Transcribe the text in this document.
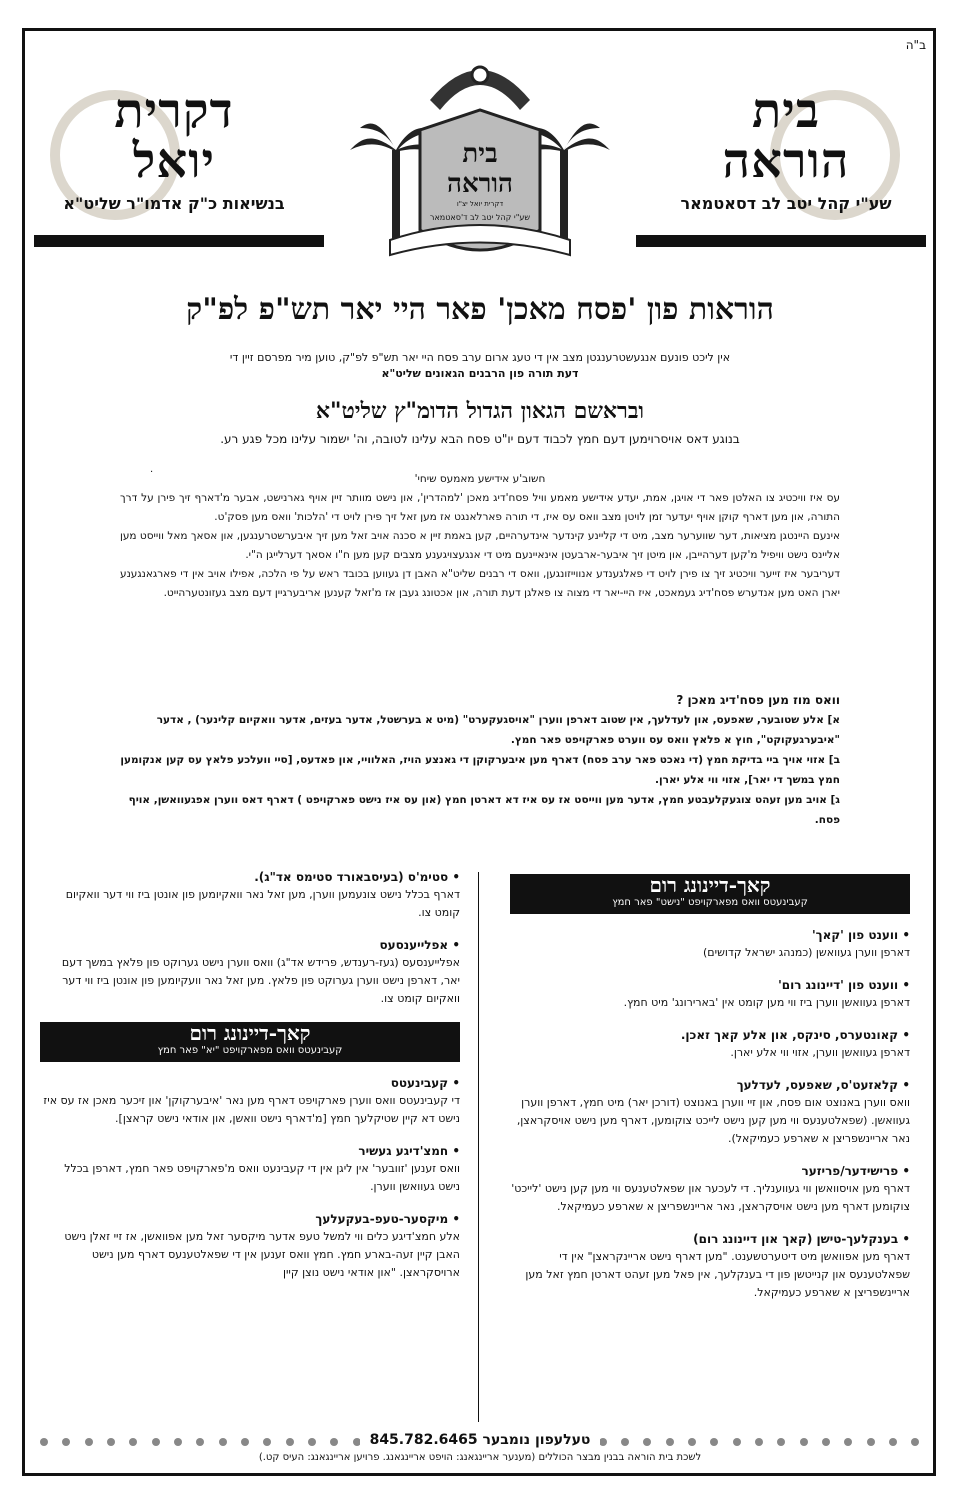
ב"ה
בית
הוראה
שע"י קהל יטב לב דסאטמאר
דקרית
יואל
בנשיאות כ"ק אדמו"ר שליט"א
בית
הוראה
דקרית יואל יצ"ו
שע"י קהל יטב לב ד'סאטמאר
הוראות פון 'פסח מאכן' פאר היי יאר תש"פ לפ"ק
אין ליכט פונעם אנגעשטרענגטן מצב אין די טעג ארום ערב פסח היי יאר תש"פ לפ"ק, טוען מיר מפרסם זיין די
דעת תורה פון הרבנים הגאונים שליט"א
ובראשם הגאון הגדול הדומ"ץ שליט"א
בנוגע דאס אויסרוימען דעם חמץ לכבוד דעם יו"ט פסח הבא עלינו לטובה, וה' ישמור עלינו מכל פגע רע.
.
חשוב'ע אידישע מאמעס שיחי'
עס איז וויכטיג צו האלטן פאר די אויגן, אמת, יעדע אידישע מאמע וויל פסח'דיג מאכן 'למהדרין', און נישט מוותר זיין אויף גארנישט, אבער מ'דארף זיך פירן על דרך התורה, און מען דארף קוקן אויף יעדער זמן לויטן מצב וואס עס איז, די תורה פארלאנגט אז מען זאל זיך פירן לויט די 'הלכות' וואס מען פסק'ט.
אינעם היינטגן מציאות, דער שווערער מצב, מיט די קליינע קינדער אינדערהיים, קען באמת זיין א סכנה אויב זאל מען זיך איבערשטרענגען, און אסאך מאל ווייסט מען אליינס נישט וויפיל מ'קען דערהייבן, און מיטן זיך איבער-ארבעטן אינאיינעם מיט די אנגעצויגענע מצבים קען מען ח"ו אסאך דערלייגן ה"י.
דעריבער איז זייער וויכטיג זיך צו פירן לויט די פאלגענדע אנווייזונגען, וואס די רבנים שליט"א האבן דן געווען בכובד ראש על פי הלכה, אפילו אויב אין די פארגאנגענע יארן האט מען אנדערש פסח'דיג געמאכט, איז היי-יאר די מצוה צו פאלגן דעת תורה, און אכטונג געבן אז מ'זאל קענען אריבערגיין דעם מצב געזונטערהייט.
וואס מוז מען פסח'דיג מאכן ?
א] אלע שטובער, שאפעס, און לעדלעך, אין שטוב דארפן ווערן "אויסגעקערט" (מיט א בערשטל, אדער בעזים, אדער וואקיום קלינער) , אדער "איבערגעקוקט", חוץ א פלאץ וואס עס ווערט פארקויפט פאר חמץ.
ב] אזוי אויך ביי בדיקת חמץ (די נאכט פאר ערב פסח) דארף מען איבערקוקן די גאנצע הויז, האלוויי, און פאדעס, [סיי וועלכע פלאץ עס קען אנקומען חמץ במשך די יאר], אזוי ווי אלע יארן.
ג] אויב מען זעהט צוגעקלעבטע חמץ, אדער מען ווייסט אז עס איז דא דארטן חמץ (און עס איז נישט פארקויפט ) דארף דאס ווערן אפגעוואשן, אויף פסח.
קאך-דיינונג רום
קעבינעטס וואס מפארקויפט "נישט" פאר חמץ
• ווענט פון 'קאך'
דארפן ווערן געוואשן (כמנהג ישראל קדושים)
• ווענט פון 'דיינונג רום'
דארפן געוואשן ווערן ביז ווי מען קומט אין 'בארירונג' מיט חמץ.
• קאונטערס, סינקס, און אלע קאך זאכן.
דארפן געוואשן ווערן, אזוי ווי אלע יארן.
• קלאזעט'ס, שאפעס, לעדלעך
וואס ווערן באנוצט אום פסח, און זיי ווערן באנוצט (דורכן יאר) מיט חמץ, דארפן ווערן געוואשן. (שפאלטענעס ווי מען קען נישט לייכט צוקומען, דארף מען נישט אויסקראצן, נאר אריינשפריצן א שארפע כעמיקאל).
• פרישידער/פריזער
דארף מען אויסוואשן ווי געווענליך. די לעכער און שפאלטענעס ווי מען קען נישט 'לייכט' צוקומען דארף מען נישט אויסקראצן, נאר אריינשפריצן א שארפע כעמיקאל.
• בענקלעך-טישן (קאך און דיינונג רום)
דארף מען אפוואשן מיט דיטערטשענט. "מען דארף נישט אריינקראצן" אין די שפאלטענעס און קנייטשן פון די בענקלעך, אין פאל מען זעהט דארטן חמץ זאל מען אריינשפריצן א שארפע כעמיקאל.
• סטימ'ס (בעיסבאורד סטימס אד"ג).
דארף בכלל נישט צונעמען ווערן, מען זאל נאר וואקיומען פון אונטן ביז ווי דער וואקיום קומט צו.
• אפלייענסעס
אפלייענסעס (געז-רענדש, פרידש אד"ג) וואס ווערן נישט גערוקט פון פלאץ במשך דעם יאר, דארפן נישט ווערן גערוקט פון פלאץ. מען זאל נאר וועקיומען פון אונטן ביז ווי דער וואקיום קומט צו.
קאך-דיינונג רום
קעבינעטס וואס מפארקויפט "יא" פאר חמץ
• קעבינעטס
די קעבינעטס וואס ווערן פארקויפט דארף מען נאר 'איבערקוקן' און זיכער מאכן אז עס איז נישט דא קיין שטיקלעך חמץ [מ'דארף נישט וואשן, און אודאי נישט קראצן].
• חמצ'דיגע געשיר
וואס זענען 'זוובער' אין ליגן אין די קעבינעט וואס מ'פארקויפט פאר חמץ, דארפן בכלל נישט געוואשן ווערן.
• מיקסער-טעפ-בעקעלעך
אלע חמצ'דיגע כלים ווי למשל טעפ אדער מיקסער זאל מען אפוואשן, אז זיי זאלן נישט האבן קיין זעה-בארע חמץ. חמץ וואס זענען אין די שפאלטענעס דארף מען נישט ארויסקראצן. "און אודאי נישט נוצן קיין
טעלעפון נומבער 845.782.6465
לשכת בית הוראה בבנין מבצר הכוללים (מענער אריינגאנג: הויפט אריינגאנג. פרויען אריינגאנג: העיס קט.)
